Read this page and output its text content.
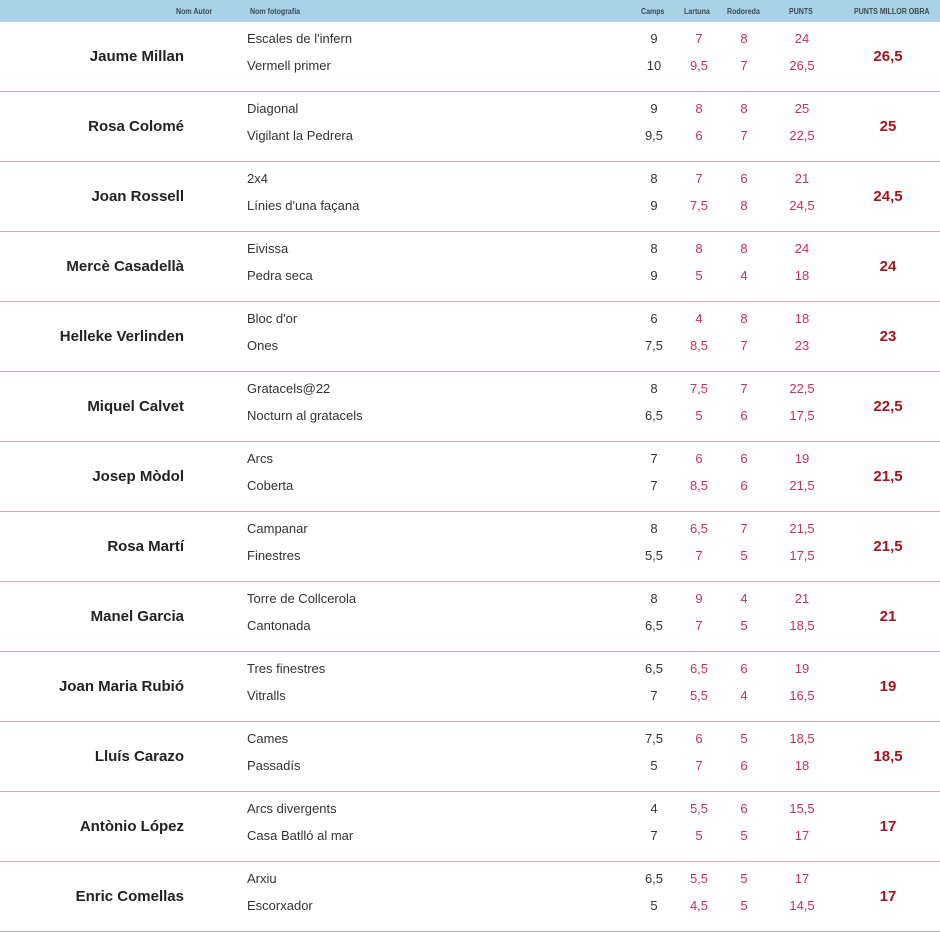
Nom Autor	Nom fotografia	Camps Lartuna Rodoreda	PUNTS	PUNTS MILLOR OBRA
Jaume Millan
Escales de l'infern	9	7	8	24
Vermell primer	10	9,5	7	26,5
26,5
Rosa Colomé
Diagonal	9	8	8	25
Vigilant la Pedrera	9,5	6	7	22,5
25
Joan Rossell
2x4	8	7	6	21
Línies d'una façana	9	7,5	8	24,5
24,5
Mercè Casadellà
Eivissa	8	8	8	24
Pedra seca	9	5	4	18
24
Helleke Verlinden
Bloc d'or	6	4	8	18
Ones	7,5	8,5	7	23
23
Miquel Calvet
Gratacels@22	8	7,5	7	22,5
Nocturn al gratacels	6,5	5	6	17,5
22,5
Josep Mòdol
Arcs	7	6	6	19
Coberta	7	8,5	6	21,5
21,5
Rosa Martí
Campanar	8	6,5	7	21,5
Finestres	5,5	7	5	17,5
21,5
Manel Garcia
Torre de Collcerola	8	9	4	21
Cantonada	6,5	7	5	18,5
21
Joan Maria Rubió
Tres finestres	6,5	6,5	6	19
Vitralls	7	5,5	4	16,5
19
Lluís Carazo
Cames	7,5	6	5	18,5
Passadís	5	7	6	18
18,5
Antònio López
Arcs divergents	4	5,5	6	15,5
Casa Batlló al mar	7	5	5	17
17
Enric Comellas
Arxiu	6,5	5,5	5	17
Escorxador	5	4,5	5	14,5
17
